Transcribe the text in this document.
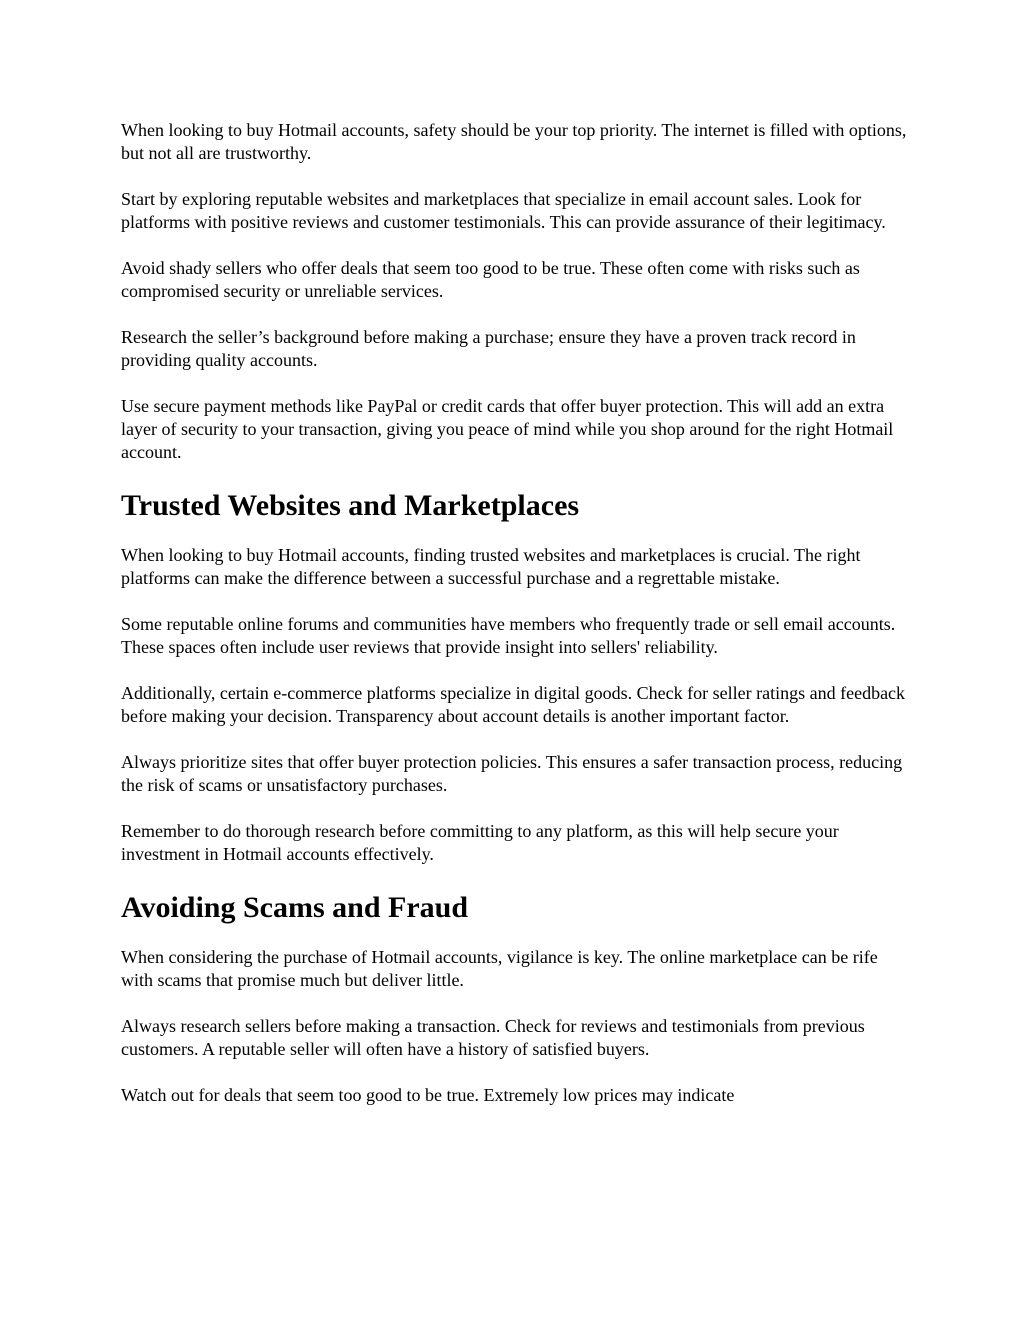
When looking to buy Hotmail accounts, safety should be your top priority. The internet is filled with options, but not all are trustworthy.

Start by exploring reputable websites and marketplaces that specialize in email account sales. Look for platforms with positive reviews and customer testimonials. This can provide assurance of their legitimacy.

Avoid shady sellers who offer deals that seem too good to be true. These often come with risks such as compromised security or unreliable services.

Research the seller’s background before making a purchase; ensure they have a proven track record in providing quality accounts.

Use secure payment methods like PayPal or credit cards that offer buyer protection. This will add an extra layer of security to your transaction, giving you peace of mind while you shop around for the right Hotmail account.

Trusted Websites and Marketplaces

When looking to buy Hotmail accounts, finding trusted websites and marketplaces is crucial. The right platforms can make the difference between a successful purchase and a regrettable mistake.

Some reputable online forums and communities have members who frequently trade or sell email accounts. These spaces often include user reviews that provide insight into sellers' reliability.

Additionally, certain e-commerce platforms specialize in digital goods. Check for seller ratings and feedback before making your decision. Transparency about account details is another important factor.

Always prioritize sites that offer buyer protection policies. This ensures a safer transaction process, reducing the risk of scams or unsatisfactory purchases.

Remember to do thorough research before committing to any platform, as this will help secure your investment in Hotmail accounts effectively.

Avoiding Scams and Fraud

When considering the purchase of Hotmail accounts, vigilance is key. The online marketplace can be rife with scams that promise much but deliver little.

Always research sellers before making a transaction. Check for reviews and testimonials from previous customers. A reputable seller will often have a history of satisfied buyers.

Watch out for deals that seem too good to be true. Extremely low prices may indicate
